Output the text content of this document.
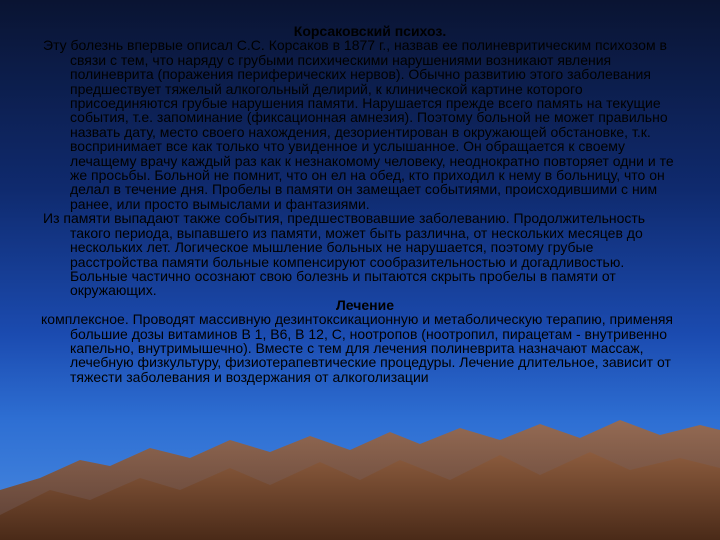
Корсаковский психоз.
Эту болезнь впервые описал С.С. Корсаков в 1877 г., назвав ее полиневритическим психозом в связи с тем, что наряду с грубыми психическими нарушениями возникают явления полиневрита (поражения периферических нервов). Обычно развитию этого заболевания предшествует тяжелый алкогольный делирий, к клинической картине которого присоединяются грубые нарушения памяти. Нарушается прежде всего память на текущие события, т.е. запоминание (фиксационная амнезия). Поэтому больной не может правильно назвать дату, место своего нахождения, дезориентирован в окружающей обстановке, т.к. воспринимает все как только что увиденное и услышанное. Он обращается к своему лечащему врачу каждый раз как к незнакомому человеку, неоднократно повторяет одни и те же просьбы. Больной не помнит, что он ел на обед, кто приходил к нему в больницу, что он делал в течение дня. Пробелы в памяти он замещает событиями, происходившими с ним ранее, или просто вымыслами и фантазиями.
Из памяти выпадают также события, предшествовавшие заболеванию. Продолжительность такого периода, выпавшего из памяти, может быть различна, от нескольких месяцев до нескольких лет. Логическое мышление больных не нарушается, поэтому грубые расстройства памяти больные компенсируют сообразительностью и догадливостью. Больные частично осознают свою болезнь и пытаются скрыть пробелы в памяти от окружающих.
Лечение
комплексное. Проводят массивную дезинтоксикационную и метаболическую терапию, применяя большие дозы витаминов В 1, В6, В 12, С, ноотропов (ноотропил, пирацетам - внутривенно капельно, внутримышечно). Вместе с тем для лечения полиневрита назначают массаж, лечебную физкультуру, физиотерапевтические процедуры. Лечение длительное, зависит от тяжести заболевания и воздержания от алкоголизации
